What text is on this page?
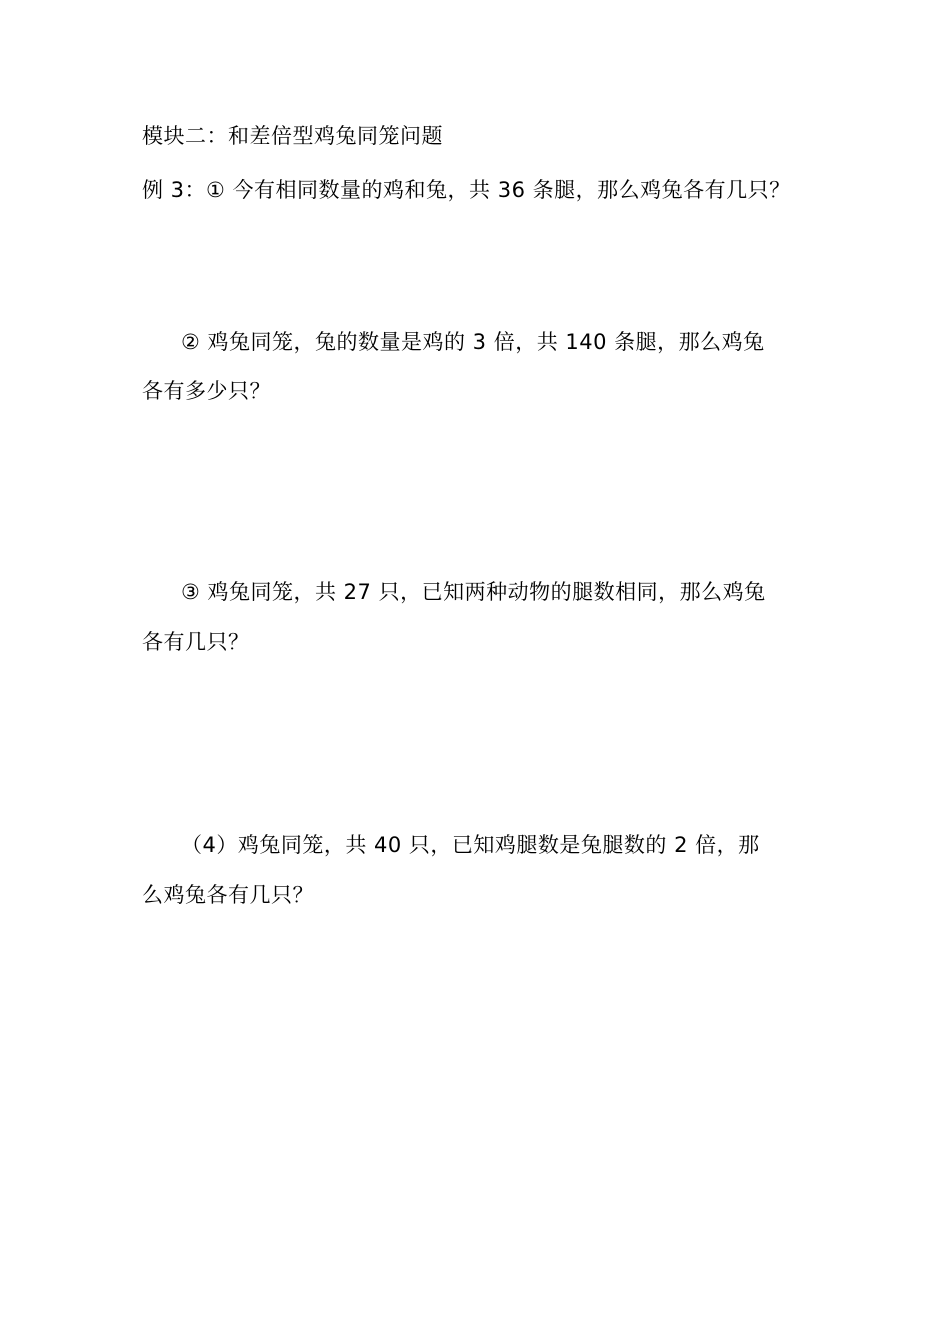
模块二：和差倍型鸡兔同笼问题
例 3：① 今有相同数量的鸡和兔，共 36 条腿，那么鸡兔各有几只？
② 鸡兔同笼，兔的数量是鸡的 3 倍，共 140 条腿，那么鸡兔
各有多少只？
③ 鸡兔同笼，共 27 只，已知两种动物的腿数相同，那么鸡兔
各有几只？
（4）鸡兔同笼，共 40 只，已知鸡腿数是兔腿数的 2 倍，那
么鸡兔各有几只？
